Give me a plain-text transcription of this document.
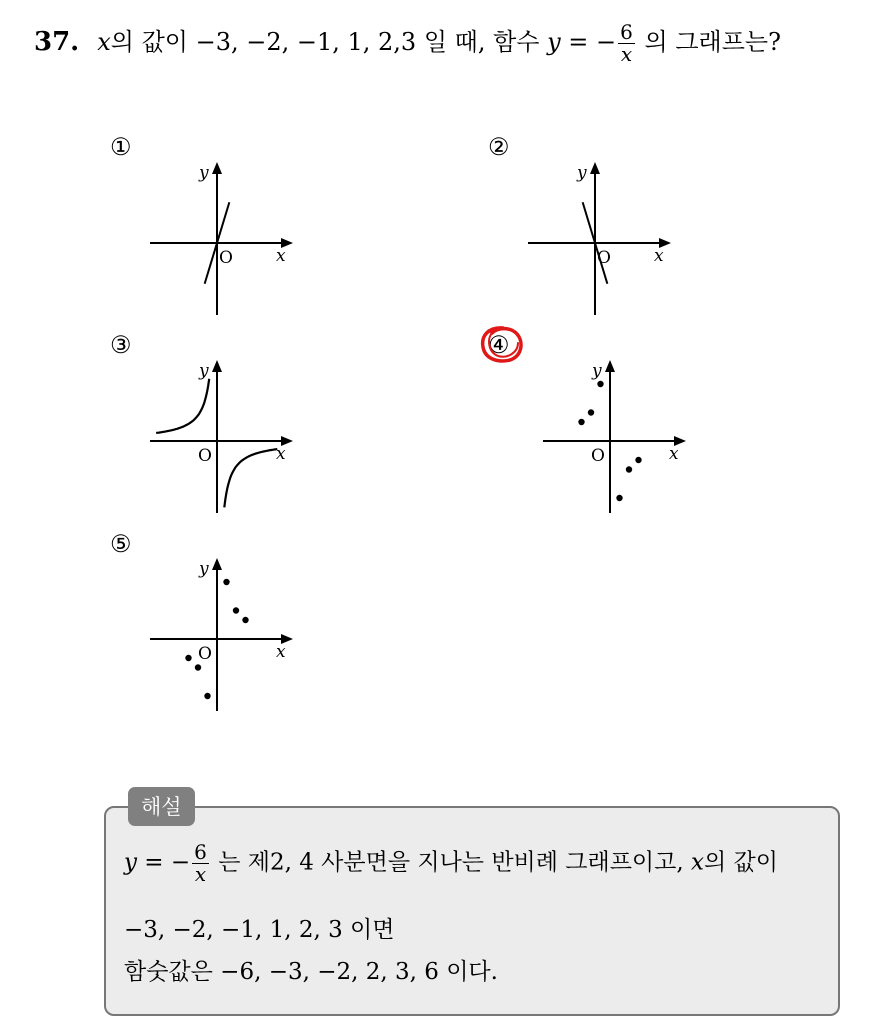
37. x의 값이 −3, −2, −1, 1, 2,3 일 때, 함수 y = − $\frac{6}{x}$ 의 그래프는?
①	②
③	④
⑤
y
x
O
y
x
O
y
x
O
y
x
O
y
x
O
해설
y = − $\frac{6}{x}$ 는 제2, 4 사분면을 지나는 반비례 그래프이고, x의 값이
−3, −2, −1, 1, 2, 3 이면
함숫값은 −6, −3, −2, 2, 3, 6 이다.
